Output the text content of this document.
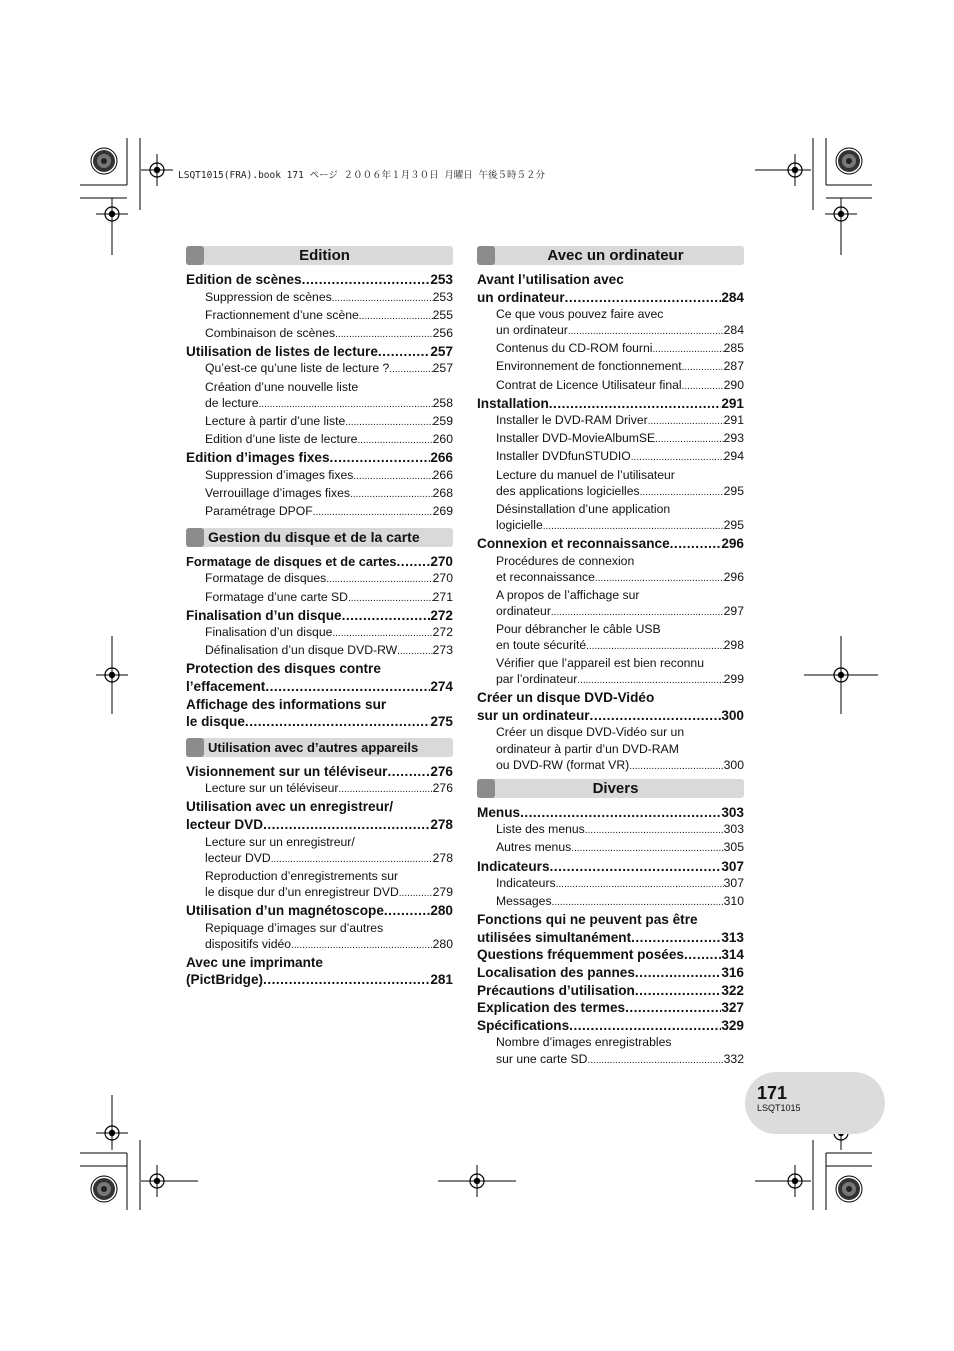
LSQT1015(FRA).book 171 ページ ２００６年１月３０日 月曜日 午後５時５２分
Edition
Edition de scènes .....	253
Suppression de scènes .....	253
Fractionnement d’une scène .....	255
Combinaison de scènes .....	256
Utilisation de listes de lecture .....	257
Qu’est-ce qu’une liste de lecture ? .....	257
Création d’une nouvelle liste
de lecture .....	258
Lecture à partir d’une liste .....	259
Edition d’une liste de lecture .....	260
Edition d’images fixes .....	266
Suppression d’images fixes .....	266
Verrouillage d’images fixes .....	268
Paramétrage DPOF .....	269
Gestion du disque et de la carte
Formatage de disques et de cartes ..... 270
Formatage de disques .....	270
Formatage d’une carte SD .....	271
Finalisation d’un disque .....	272
Finalisation d’un disque .....	272
Définalisation d’un disque DVD-RW .....	273
Protection des disques contre
l’effacement .....	274
Affichage des informations sur
le disque .....	275
Utilisation avec d’autres appareils
Visionnement sur un téléviseur .....	276
Lecture sur un téléviseur .....	276
Utilisation avec un enregistreur/
lecteur DVD .....	278
Lecture sur un enregistreur/
lecteur DVD .....	278
Reproduction d’enregistrements sur
le disque dur d’un enregistreur DVD .....	279
Utilisation d’un magnétoscope .....	280
Repiquage d’images sur d’autres
dispositifs vidéo .....	280
Avec une imprimante
(PictBridge) .....	281
Avec un ordinateur
Avant l’utilisation avec
un ordinateur .....	284
Ce que vous pouvez faire avec
un ordinateur .....	284
Contenus du CD-ROM fourni .....	285
Environnement de fonctionnement .....	287
Contrat de Licence Utilisateur final .....	290
Installation .....	291
Installer le DVD-RAM Driver .....	291
Installer DVD-MovieAlbumSE .....	293
Installer DVDfunSTUDIO .....	294
Lecture du manuel de l’utilisateur
des applications logicielles .....	295
Désinstallation d’une application
logicielle .....	295
Connexion et reconnaissance .....	296
Procédures de connexion
et reconnaissance .....	296
A propos de l’affichage sur
ordinateur .....	297
Pour débrancher le câble USB
en toute sécurité .....	298
Vérifier que l’appareil est bien reconnu
par l’ordinateur .....	299
Créer un disque DVD-Vidéo
sur un ordinateur .....	300
Créer un disque DVD-Vidéo sur un
ordinateur à partir d’un DVD-RAM
ou DVD-RW (format VR) .....	300
Divers
Menus .....	303
Liste des menus .....	303
Autres menus .....	305
Indicateurs .....	307
Indicateurs .....	307
Messages .....	310
Fonctions qui ne peuvent pas être
utilisées simultanément .....	313
Questions fréquemment posées .....	314
Localisation des pannes .....	316
Précautions d’utilisation .....	322
Explication des termes .....	327
Spécifications .....	329
Nombre d’images enregistrables
sur une carte SD .....	332
171
LSQT1015
